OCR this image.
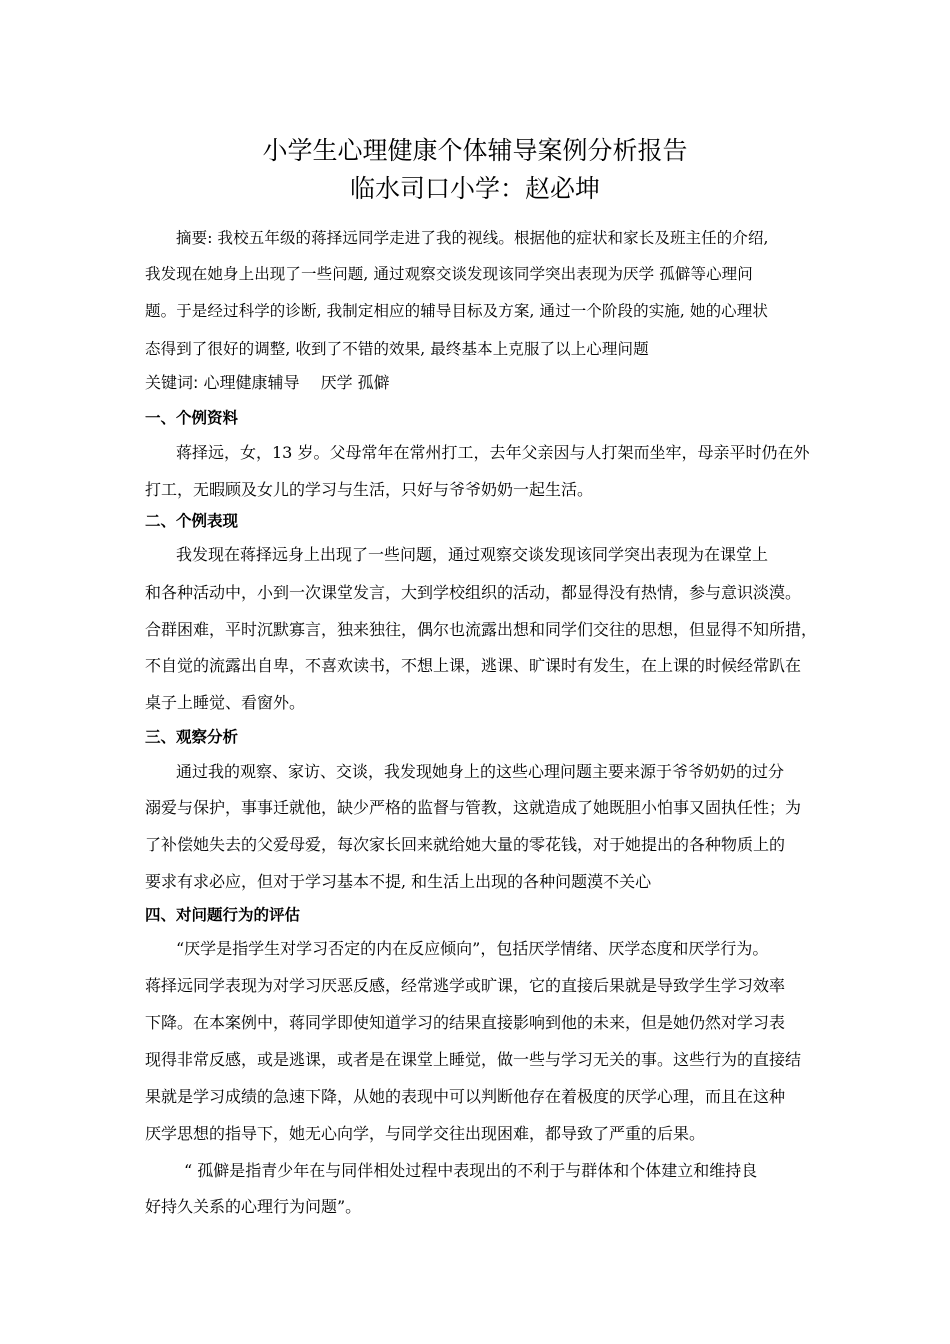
小学生心理健康个体辅导案例分析报告
临水司口小学：赵必坤
摘要: 我校五年级的蒋择远同学走进了我的视线。根据他的症状和家长及班主任的介绍,
我发现在她身上出现了一些问题, 通过观察交谈发现该同学突出表现为厌学 孤僻等心理问
题。于是经过科学的诊断, 我制定相应的辅导目标及方案, 通过一个阶段的实施, 她的心理状
态得到了很好的调整, 收到了不错的效果, 最终基本上克服了以上心理问题
关键词: 心理健康辅导　 厌学 孤僻
一、个例资料
蒋择远，女，13 岁。父母常年在常州打工，去年父亲因与人打架而坐牢，母亲平时仍在外
打工，无暇顾及女儿的学习与生活，只好与爷爷奶奶一起生活。
二、个例表现
我发现在蒋择远身上出现了一些问题，通过观察交谈发现该同学突出表现为在课堂上
和各种活动中，小到一次课堂发言，大到学校组织的活动，都显得没有热情，参与意识淡漠。
合群困难，平时沉默寡言，独来独往，偶尔也流露出想和同学们交往的思想，但显得不知所措，
不自觉的流露出自卑，不喜欢读书，不想上课，逃课、旷课时有发生，在上课的时候经常趴在
桌子上睡觉、看窗外。
三、观察分析
通过我的观察、家访、交谈，我发现她身上的这些心理问题主要来源于爷爷奶奶的过分
溺爱与保护，事事迁就他，缺少严格的监督与管教，这就造成了她既胆小怕事又固执任性；为
了补偿她失去的父爱母爱，每次家长回来就给她大量的零花钱，对于她提出的各种物质上的
要求有求必应，但对于学习基本不提, 和生活上出现的各种问题漠不关心
四、对问题行为的评估
“厌学是指学生对学习否定的内在反应倾向”，包括厌学情绪、厌学态度和厌学行为。
蒋择远同学表现为对学习厌恶反感，经常逃学或旷课，它的直接后果就是导致学生学习效率
下降。在本案例中，蒋同学即使知道学习的结果直接影响到他的未来，但是她仍然对学习表
现得非常反感，或是逃课，或者是在课堂上睡觉，做一些与学习无关的事。这些行为的直接结
果就是学习成绩的急速下降，从她的表现中可以判断他存在着极度的厌学心理，而且在这种
厌学思想的指导下，她无心向学，与同学交往出现困难，都导致了严重的后果。
“ 孤僻是指青少年在与同伴相处过程中表现出的不利于与群体和个体建立和维持良
好持久关系的心理行为问题”。
